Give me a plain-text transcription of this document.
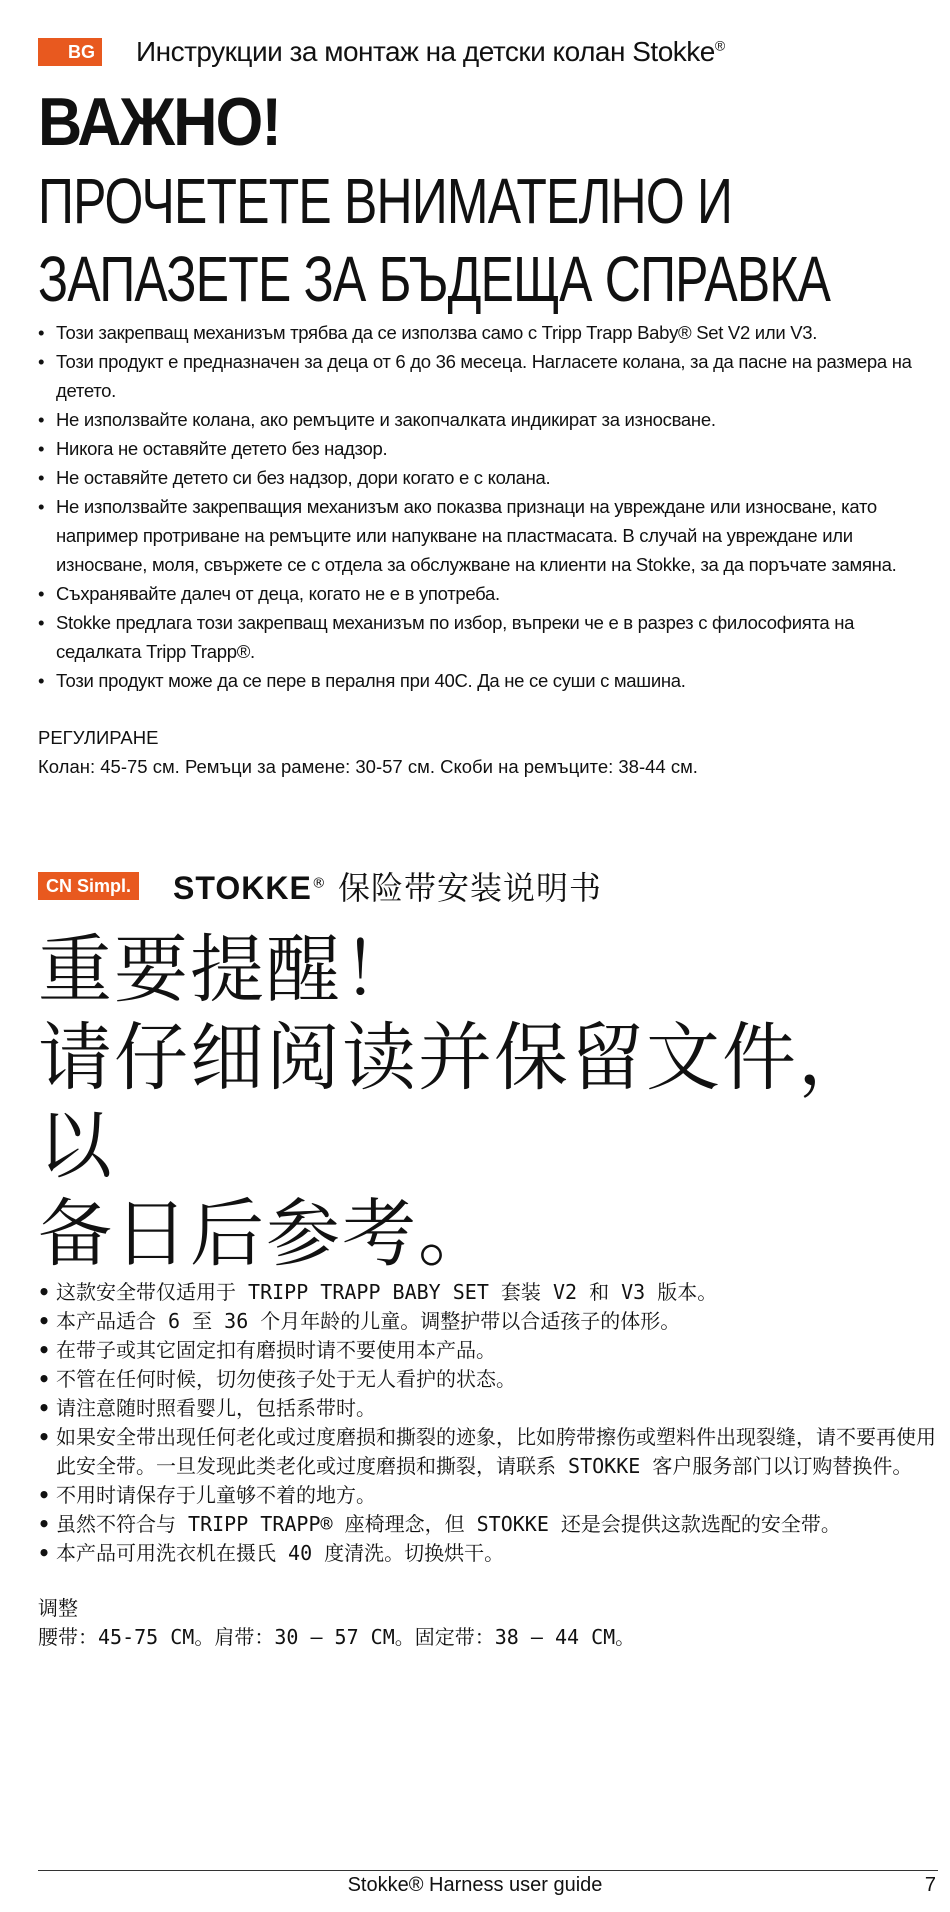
BG Инструкции за монтаж на детски колан Stokke®
ВАЖНО!
ПРОЧЕТЕТЕ ВНИМАТЕЛНО И
ЗАПАЗЕТЕ ЗА БЪДЕЩА СПРАВКА
• Този закрепващ механизъм трябва да се използва само с Tripp Trapp Baby® Set V2 или V3.
• Този продукт е предназначен за деца от 6 до 36 месеца. Нагласете колана, за да пасне на размера на детето.
• Не използвайте колана, ако ремъците и закопчалката индикират за износване.
• Никога не оставяйте детето без надзор.
• Не оставяйте детето си без надзор, дори когато е с колана.
• Не използвайте закрепващия механизъм ако показва признаци на увреждане или износване, като например протриване на ремъците или напукване на пластмасата. В случай на увреждане или износване, моля, свържете се с отдела за обслужване на клиенти на Stokke, за да поръчате замяна.
• Съхранявайте далеч от деца, когато не е в употреба.
• Stokke предлага този закрепващ механизъм по избор, въпреки че е в разрез с философията на седалката Tripp Trapp®.
• Този продукт може да се пере в пералня при 40С. Да не се суши с машина.
РЕГУЛИРАНЕ
Колан: 45-75 см. Ремъци за рамене: 30-57 см. Скоби на ремъците: 38-44 см.
CN Simpl. STOKKE® 保险带安装说明书
重要提醒！
请仔细阅读并保留文件，以
备日后参考。
• 这款安全带仅适用于 TRIPP TRAPP BABY SET 套装 V2 和 V3 版本。
• 本产品适合 6 至 36 个月年龄的儿童。调整护带以合适孩子的体形。
• 在带子或其它固定扣有磨损时请不要使用本产品。
• 不管在任何时候，切勿使孩子处于无人看护的状态。
• 请注意随时照看婴儿，包括系带时。
• 如果安全带出现任何老化或过度磨损和撕裂的迹象，比如胯带擦伤或塑料件出现裂缝，请不要再使用此安全带。一旦发现此类老化或过度磨损和撕裂，请联系 STOKKE 客户服务部门以订购替换件。
• 不用时请保存于儿童够不着的地方。
• 虽然不符合与 TRIPP TRAPP® 座椅理念，但 STOKKE 还是会提供这款选配的安全带。
• 本产品可用洗衣机在摄氏 40 度清洗。切换烘干。
调整
腰带：45-75 CM。肩带：30 – 57 CM。固定带：38 – 44 CM。
Stokke® Harness user guide	7
